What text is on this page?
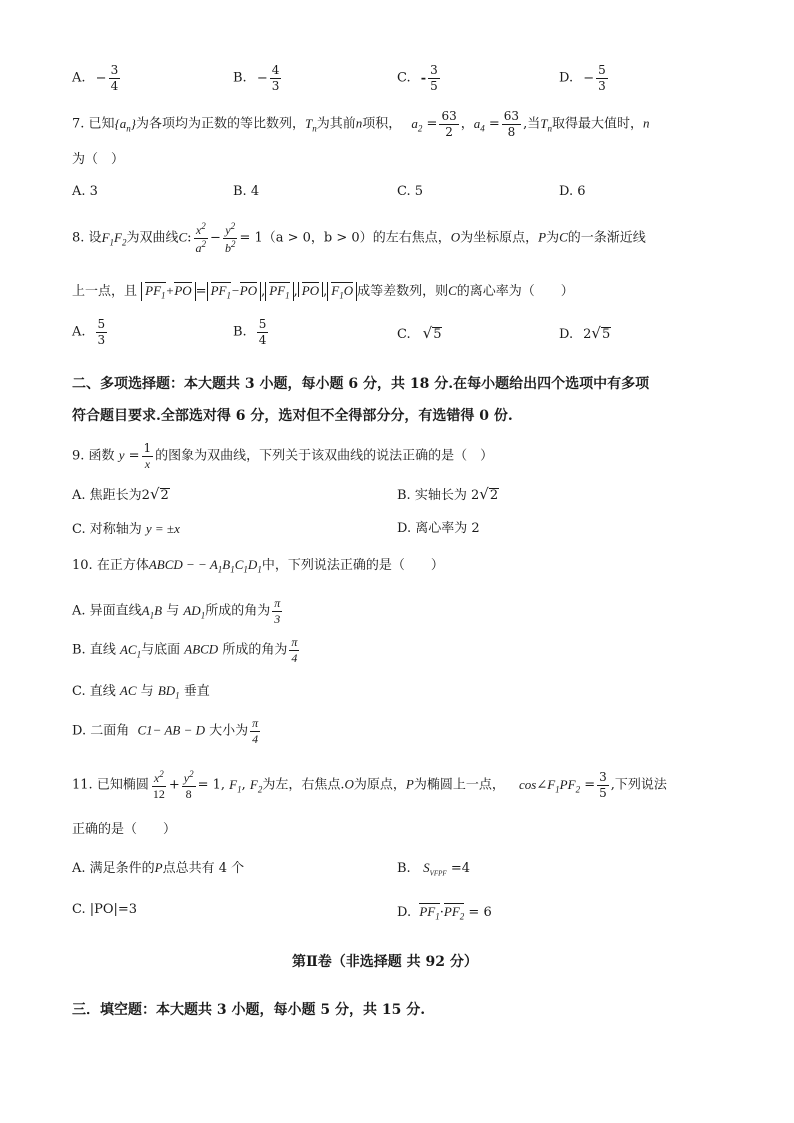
A. − $\frac{3}{4}$	B. − $\frac{4}{3}$	C. - $\frac{3}{5}$	D. − $\frac{5}{3}$
7. 已知$\{a_n\}$为各项均为正数的等比数列，$T_n$为其前n项积， $a_2 = \frac{63}{2}$ ，$a_4 = \frac{63}{8}$ ,当$T_n$取得最大值时，n
为（　）
A. 3	B. 4	C. 5	D. 6
8. 设$F_1F_2$为双曲线C: $\frac{x^2}{a^2} - \frac{y^2}{b^2} = 1(a > 0$，b > 0）的左右焦点，O为坐标原点，P为C的一条渐近线
上一点，且 $PF_1+PO = PF_1-PO$ , $PF_1$ , PO , $F_1O$ 成等差数列，则C的离心率为（　　）
A. $\frac{5}{3}$	B. $\frac{5}{4}$	C. √ 5	D. 2 √ 5
二、多项选择题：本大题共 3 小题，每小题 6 分，共 18 分.在每小题给出四个选项中有多项
符合题目要求.全部选对得 6 分，选对但不全得部分分，有选错得 0 份.
9. 函数 $y = \frac{1}{x}$ 的图象为双曲线，下列关于该双曲线的说法正确的是（　）
A. 焦距长为2 √ 2	B. 实轴长为 2 √ 2
C. 对称轴为 y = ±x	D. 离心率为 2
10. 在正方体ABCD − − $A_1B_1C_1D_1$中，下列说法正确的是（　　）
A. 异面直线$A_1B$ 与 $AD_1$所成的角为 $\frac{\pi}{3}$
B. 直线 $AC_1$与底面 ABCD 所成的角为 $\frac{\pi}{4}$
C. 直线 AC 与 $BD_1$ 垂直
D. 二面角 C1− AB − D 大小为 $\frac{\pi}{4}$
11. 已知椭圆 $\frac{x^2}{12} + \frac{y^2}{8} = 1$, $F_1$, $F_2$为左，右焦点.O为原点，P为椭圆上一点， $\cos\angle F_1PF_2 = \frac{3}{5}$ ,下列说法
正确的是（　　）
A. 满足条件的P点总共有 4 个	B. $S_{VFPF} =4$
C. |PO|=3	D. $PF_1\cdot PF_2 = 6$
第Ⅱ卷（非选择题 共 92 分）
三．填空题：本大题共 3 小题，每小题 5 分，共 15 分.
